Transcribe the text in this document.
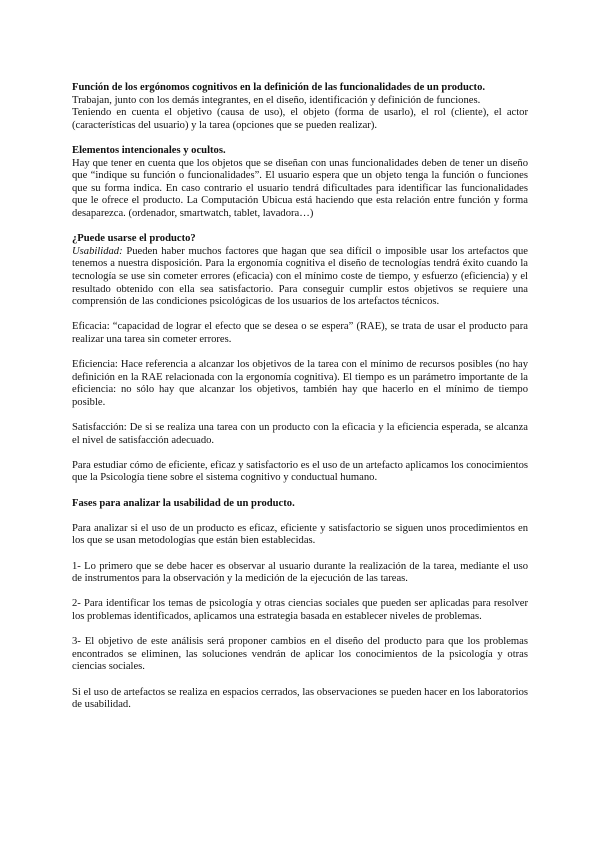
Función de los ergónomos cognitivos en la definición de las funcionalidades de un producto.

Trabajan, junto con los demás integrantes, en el diseño, identificación y definición de funciones.

Teniendo en cuenta el objetivo (causa de uso), el objeto (forma de usarlo), el rol (cliente), el actor (características del usuario) y la tarea (opciones que se pueden realizar).

Elementos intencionales y ocultos.

Hay que tener en cuenta que los objetos que se diseñan con unas funcionalidades deben de tener un diseño que “indique su función o funcionalidades”. El usuario espera que un objeto tenga la función o funciones que su forma indica. En caso contrario el usuario tendrá dificultades para identificar las funcionalidades que le ofrece el producto. La Computación Ubicua está haciendo que esta relación entre función y forma desaparezca. (ordenador, smartwatch, tablet, lavadora…)

¿Puede usarse el producto?

Usabilidad: Pueden haber muchos factores que hagan que sea difícil o imposible usar los artefactos que tenemos a nuestra disposición. Para la ergonomía cognitiva el diseño de tecnologías tendrá éxito cuando la tecnología se use sin cometer errores (eficacia) con el mínimo coste de tiempo, y esfuerzo (eficiencia) y el resultado obtenido con ella sea satisfactorio. Para conseguir cumplir estos objetivos se requiere una comprensión de las condiciones psicológicas de los usuarios de los artefactos técnicos.

Eficacia: “capacidad de lograr el efecto que se desea o se espera” (RAE), se trata de usar el producto para realizar una tarea sin cometer errores.

Eficiencia: Hace referencia a alcanzar los objetivos de la tarea con el mínimo de recursos posibles (no hay definición en la RAE relacionada con la ergonomía cognitiva). El tiempo es un parámetro importante de la eficiencia: no sólo hay que alcanzar los objetivos, también hay que hacerlo en el mínimo de tiempo posible.

Satisfacción: De si se realiza una tarea con un producto con la eficacia y la eficiencia esperada, se alcanza el nivel de satisfacción adecuado.

Para estudiar cómo de eficiente, eficaz y satisfactorio es el uso de un artefacto aplicamos los conocimientos que la Psicología tiene sobre el sistema cognitivo y conductual humano.

Fases para analizar la usabilidad de un producto.

Para analizar si el uso de un producto es eficaz, eficiente y satisfactorio se siguen unos procedimientos en los que se usan metodologías que están bien establecidas.

1- Lo primero que se debe hacer es observar al usuario durante la realización de la tarea, mediante el uso de instrumentos para la observación y la medición de la ejecución de las tareas.

2- Para identificar los temas de psicología y otras ciencias sociales que pueden ser aplicadas para resolver los problemas identificados, aplicamos una estrategia basada en establecer niveles de problemas.

3- El objetivo de este análisis será proponer cambios en el diseño del producto para que los problemas encontrados se eliminen, las soluciones vendrán de aplicar los conocimientos de la psicología y otras ciencias sociales.

Si el uso de artefactos se realiza en espacios cerrados, las observaciones se pueden hacer en los laboratorios de usabilidad.
